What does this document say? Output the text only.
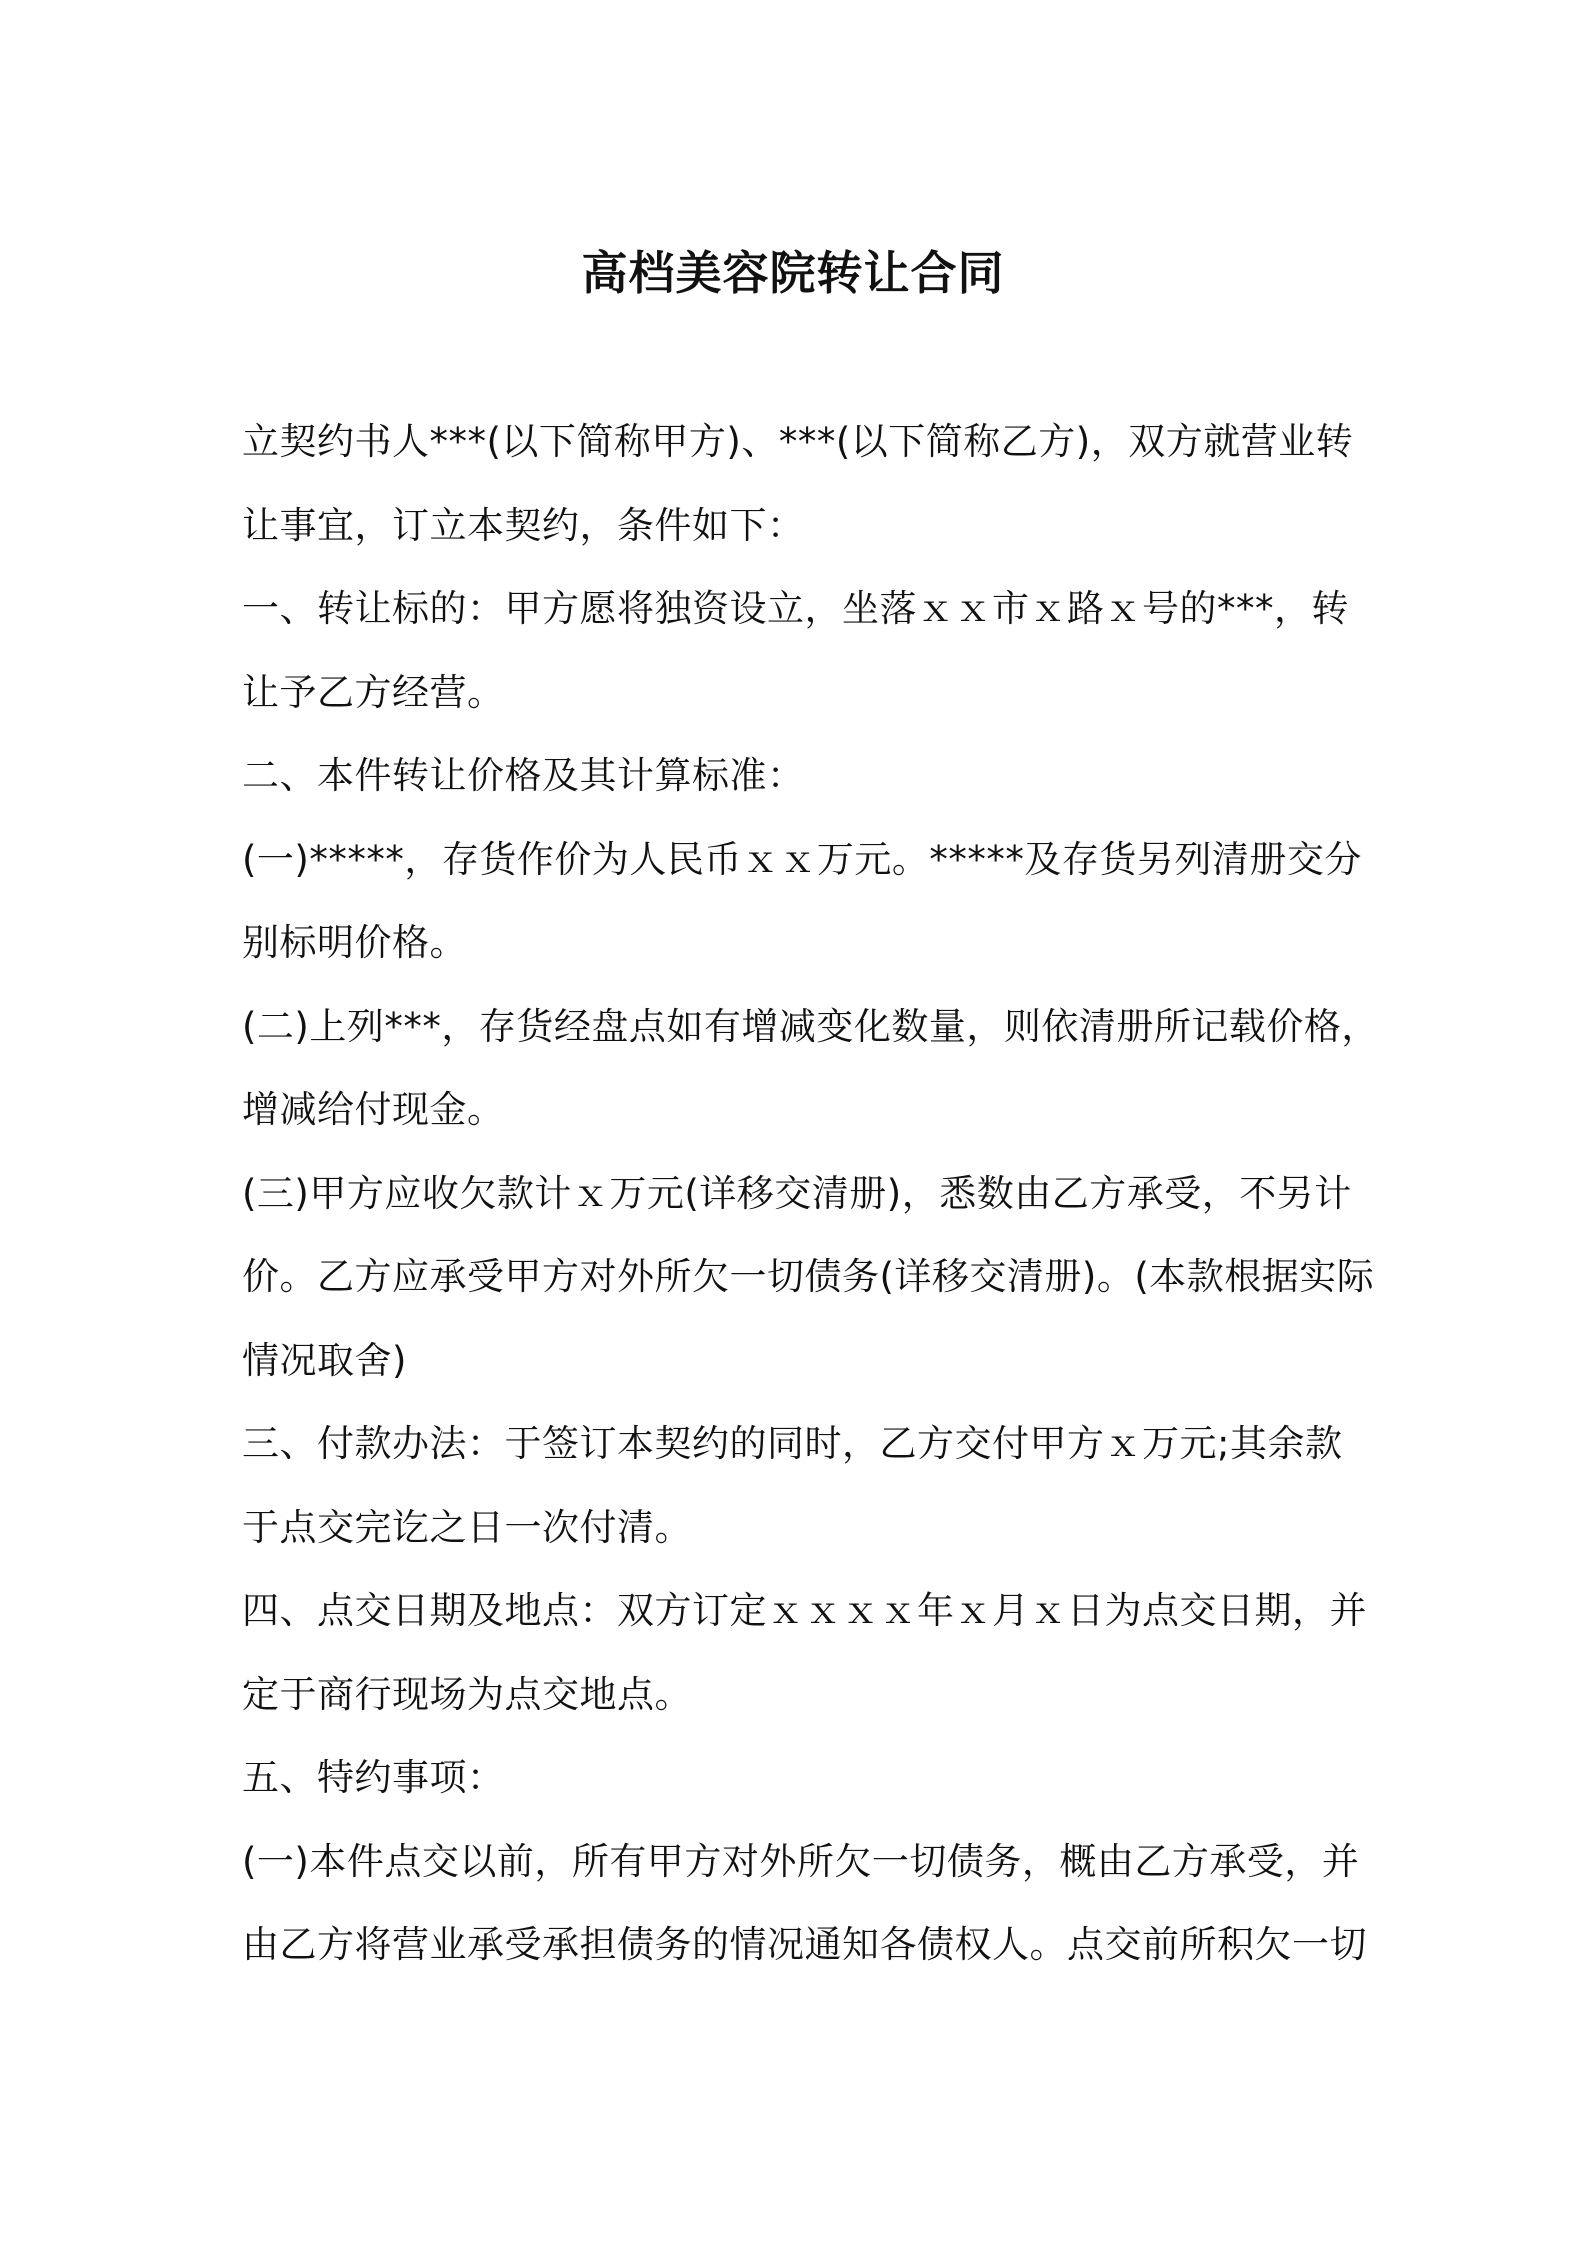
高档美容院转让合同

立契约书人***(以下简称甲方)、***(以下简称乙方)，双方就营业转

让事宜，订立本契约，条件如下：

一、转让标的：甲方愿将独资设立，坐落ｘｘ市ｘ路ｘ号的***，转

让予乙方经营。

二、本件转让价格及其计算标准：

(一)*****，存货作价为人民币ｘｘ万元。*****及存货另列清册交分

别标明价格。

(二)上列***，存货经盘点如有增减变化数量，则依清册所记载价格，

增减给付现金。

(三)甲方应收欠款计ｘ万元(详移交清册)，悉数由乙方承受，不另计

价。乙方应承受甲方对外所欠一切债务(详移交清册)。(本款根据实际

情况取舍)

三、付款办法：于签订本契约的同时，乙方交付甲方ｘ万元;其余款

于点交完讫之日一次付清。

四、点交日期及地点：双方订定ｘｘｘｘ年ｘ月ｘ日为点交日期，并

定于商行现场为点交地点。

五、特约事项：

(一)本件点交以前，所有甲方对外所欠一切债务，概由乙方承受，并

由乙方将营业承受承担债务的情况通知各债权人。点交前所积欠一切
